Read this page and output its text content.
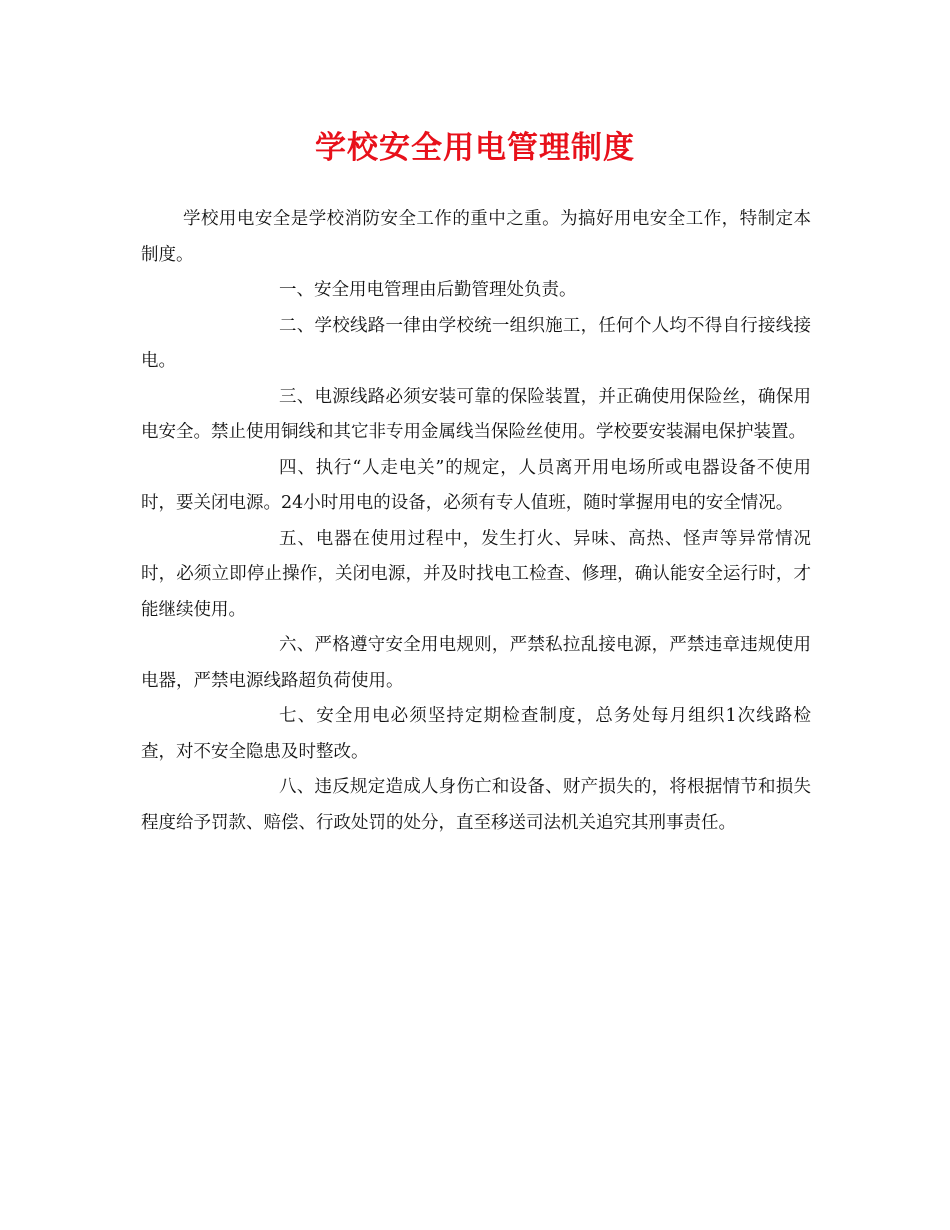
学校安全用电管理制度

学校用电安全是学校消防安全工作的重中之重。为搞好用电安全工作，特制定本制度。

一、安全用电管理由后勤管理处负责。

二、学校线路一律由学校统一组织施工，任何个人均不得自行接线接电。

三、电源线路必须安装可靠的保险装置，并正确使用保险丝，确保用电安全。禁止使用铜线和其它非专用金属线当保险丝使用。学校要安装漏电保护装置。

四、执行“人走电关”的规定，人员离开用电场所或电器设备不使用时，要关闭电源。24小时用电的设备，必须有专人值班，随时掌握用电的安全情况。

五、电器在使用过程中，发生打火、异味、高热、怪声等异常情况时，必须立即停止操作，关闭电源，并及时找电工检查、修理，确认能安全运行时，才能继续使用。

六、严格遵守安全用电规则，严禁私拉乱接电源，严禁违章违规使用电器，严禁电源线路超负荷使用。

七、安全用电必须坚持定期检查制度，总务处每月组织1次线路检查，对不安全隐患及时整改。

八、违反规定造成人身伤亡和设备、财产损失的，将根据情节和损失程度给予罚款、赔偿、行政处罚的处分，直至移送司法机关追究其刑事责任。
